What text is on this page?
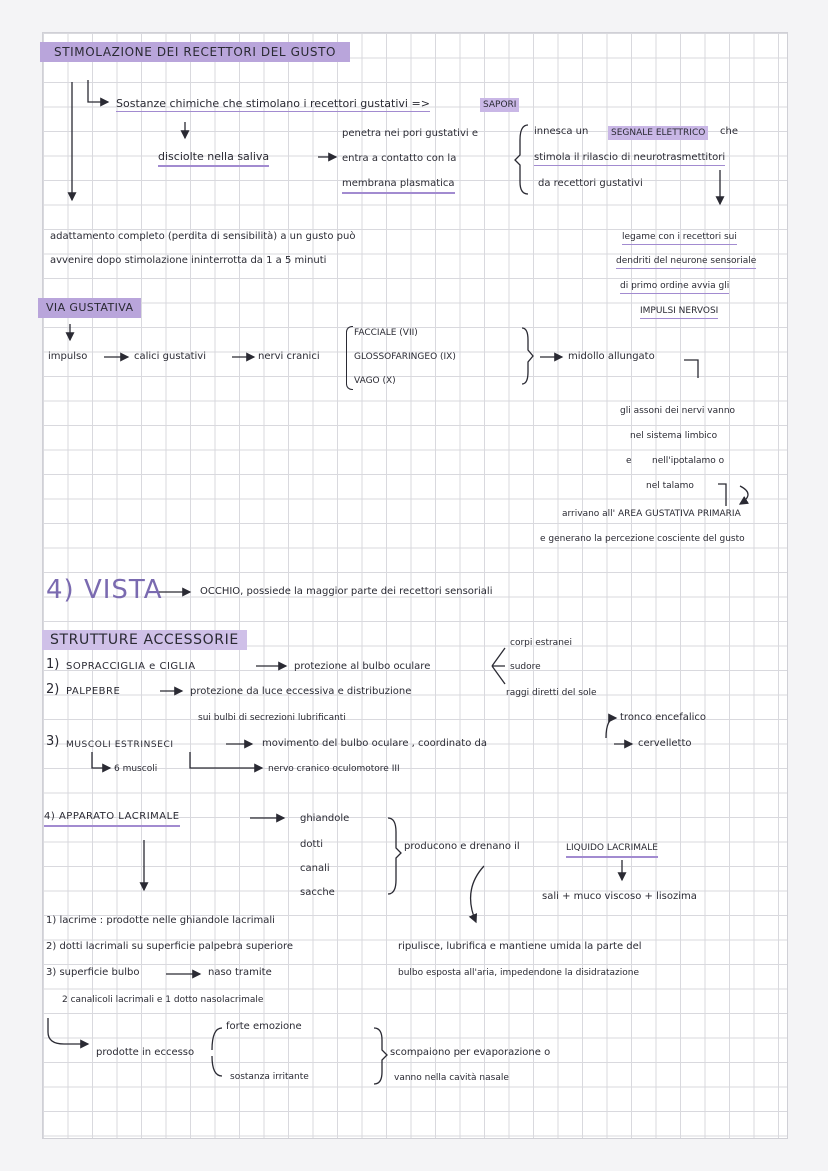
STIMOLAZIONE DEI RECETTORI DEL GUSTO
Sostanze chimiche che stimolano i recettori gustativi =>	SAPORI
disciolte nella saliva
penetra nei pori gustativi e
entra a contatto con la
membrana plasmatica
innesca un	SEGNALE ELETTRICO	che
stimola il rilascio di neurotrasmettitori
da recettori gustativi
adattamento completo (perdita di sensibilità) a un gusto può
avvenire dopo stimolazione ininterrotta da 1 a 5 minuti
legame con i recettori sui
dendriti del neurone sensoriale
di primo ordine avvia gli
IMPULSI NERVOSI
VIA GUSTATIVA
impulso	calici gustativi	nervi cranici
FACCIALE (VII)
GLOSSOFARINGEO (IX)
VAGO (X)
midollo allungato
gli assoni dei nervi vanno
nel sistema limbico
e nell'ipotalamo o
nel talamo
arrivano all' AREA GUSTATIVA PRIMARIA
e generano la percezione cosciente del gusto
4) VISTA	OCCHIO, possiede la maggior parte dei recettori sensoriali
STRUTTURE ACCESSORIE
1) SOPRACCIGLIA e CIGLIA	protezione al bulbo oculare
corpi estranei
sudore
raggi diretti del sole
2) PALPEBRE	protezione da luce eccessiva e distribuzione
sui bulbi di secrezioni lubrificanti
3) MUSCOLI ESTRINSECI	movimento del bulbo oculare , coordinato da
tronco encefalico
cervelletto
6 muscoli	nervo cranico oculomotore III
4) APPARATO LACRIMALE	ghiandole
dotti
canali
sacche
producono e drenano il	LIQUIDO LACRIMALE
sali + muco viscoso + lisozima
1) lacrime : prodotte nelle ghiandole lacrimali
2) dotti lacrimali su superficie palpebra superiore
3) superficie bulbo	naso tramite
2 canalicoli lacrimali e 1 dotto nasolacrimale
ripulisce, lubrifica e mantiene umida la parte del
bulbo esposta all'aria, impedendone la disidratazione
prodotte in eccesso
forte emozione
sostanza irritante
scompaiono per evaporazione o
vanno nella cavità nasale
